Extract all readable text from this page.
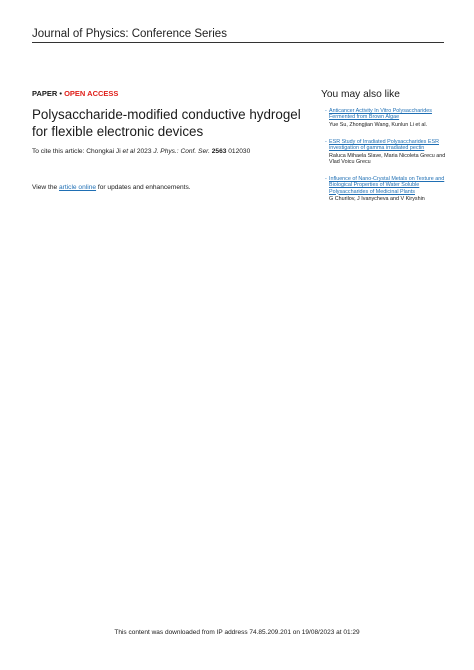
Journal of Physics: Conference Series
PAPER • OPEN ACCESS
Polysaccharide-modified conductive hydrogel for flexible electronic devices
To cite this article: Chongkai Ji et al 2023 J. Phys.: Conf. Ser. 2563 012030
View the article online for updates and enhancements.
You may also like
- Anticancer Activity In Vitro Polysaccharides Fermented from Brown Algae
Yue Su, Zhongjian Wang, Kunlun Li et al.
- ESR Study of Irradiated Polysaccharides ESR investigation of gamma irradiated pectin
Raluca Mihaela Slave, Maria Nicoleta Grecu and Vlad Voicu Grecu
- Influence of Nano-Crystal Metals on Texture and Biological Properties of Water Soluble Polysaccharides of Medicinal Plants
G Churilov, J Ivanycheva and V Kiryshin
This content was downloaded from IP address 74.85.209.201 on 19/08/2023 at 01:29
